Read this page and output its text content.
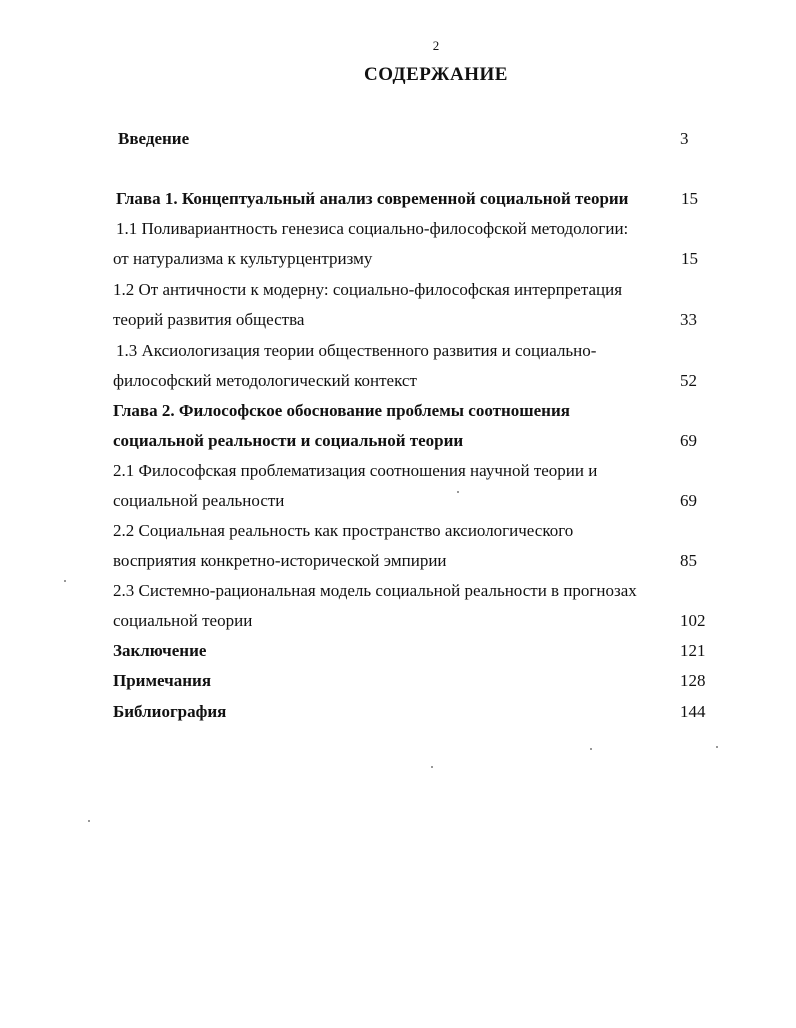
2
СОДЕРЖАНИЕ
Введение	3
Глава 1. Концептуальный анализ современной социальной теории	15
1.1 Поливариантность генезиса социально-философской методологии:
от натурализма к культурцентризму	15
1.2 От античности к модерну: социально-философская интерпретация
теорий развития общества	33
1.3 Аксиологизация теории общественного развития и социально-
философский методологический контекст	52
Глава 2. Философское обоснование проблемы соотношения
социальной реальности и социальной теории	69
2.1 Философская проблематизация соотношения научной теории и
социальной реальности	69
2.2 Социальная реальность как пространство аксиологического
восприятия конкретно-исторической эмпирии	85
2.3 Системно-рациональная модель социальной реальности в прогнозах
социальной теории	102
Заключение	121
Примечания	128
Библиография	144
